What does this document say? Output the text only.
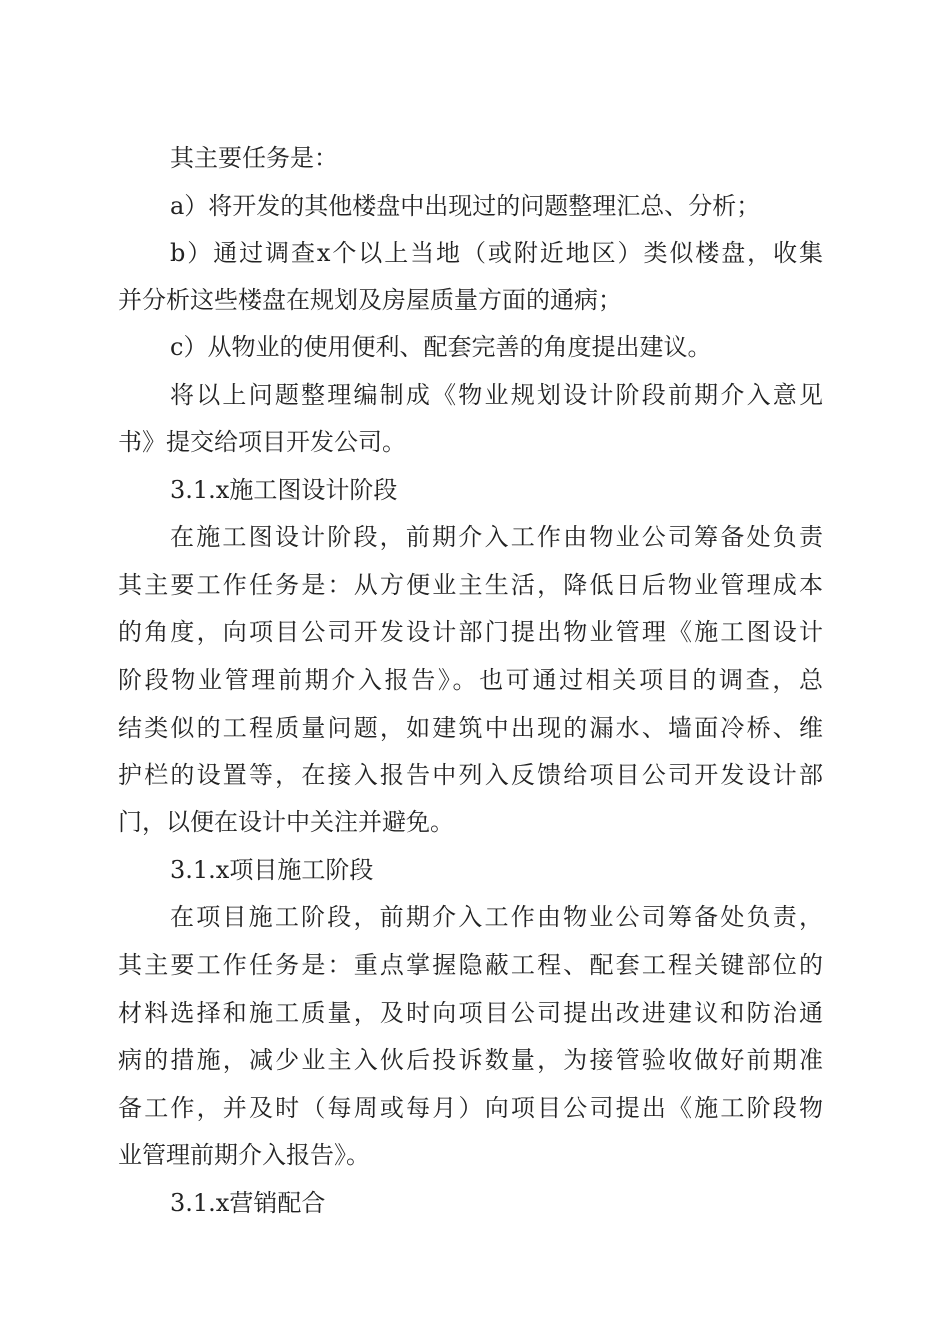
其主要任务是：
a）将开发的其他楼盘中出现过的问题整理汇总、分析；
b）通过调查x个以上当地（或附近地区）类似楼盘，收集
并分析这些楼盘在规划及房屋质量方面的通病；
c）从物业的使用便利、配套完善的角度提出建议。
将以上问题整理编制成《物业规划设计阶段前期介入意见
书》提交给项目开发公司。
3.1.x施工图设计阶段
在施工图设计阶段，前期介入工作由物业公司筹备处负责
其主要工作任务是：从方便业主生活，降低日后物业管理成本
的角度，向项目公司开发设计部门提出物业管理《施工图设计
阶段物业管理前期介入报告》。也可通过相关项目的调查，总
结类似的工程质量问题，如建筑中出现的漏水、墙面冷桥、维
护栏的设置等，在接入报告中列入反馈给项目公司开发设计部
门，以便在设计中关注并避免。
3.1.x项目施工阶段
在项目施工阶段，前期介入工作由物业公司筹备处负责，
其主要工作任务是：重点掌握隐蔽工程、配套工程关键部位的
材料选择和施工质量，及时向项目公司提出改进建议和防治通
病的措施，减少业主入伙后投诉数量，为接管验收做好前期准
备工作，并及时（每周或每月）向项目公司提出《施工阶段物
业管理前期介入报告》。
3.1.x营销配合
